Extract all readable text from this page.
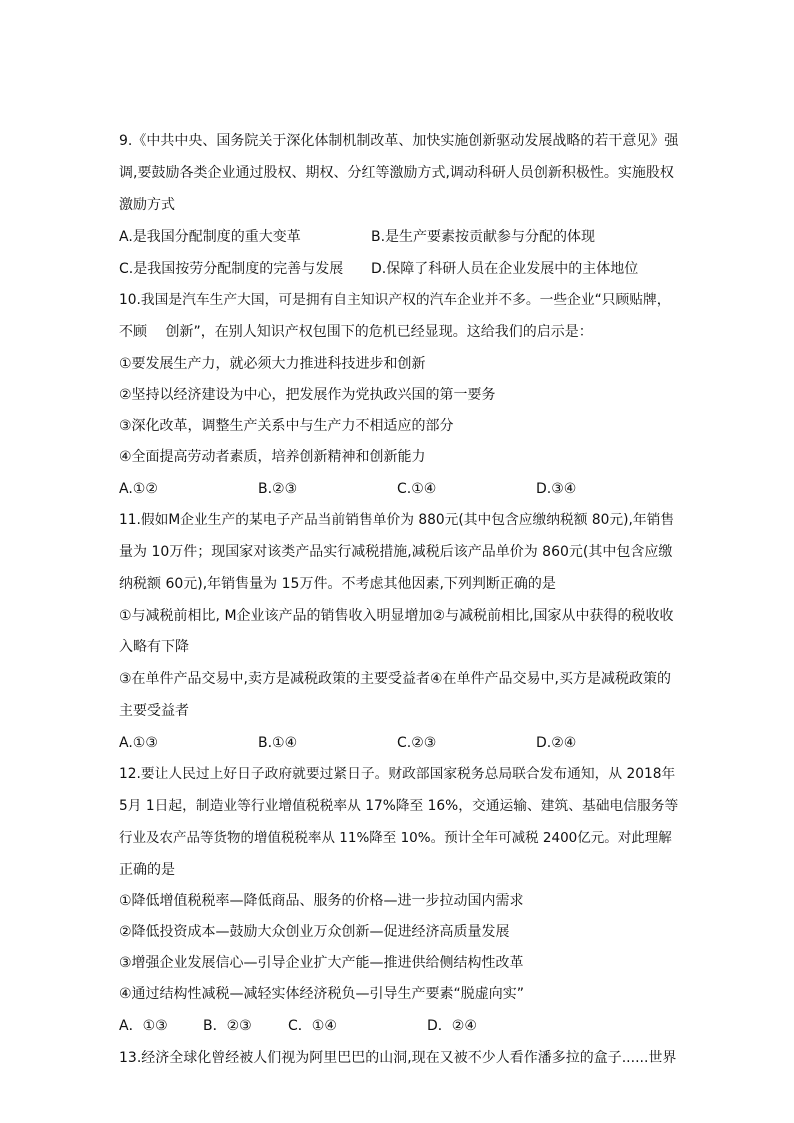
9.《中共中央、国务院关于深化体制机制改革、加快实施创新驱动发展战略的若干意见》强
调,要鼓励各类企业通过股权、期权、分红等激励方式,调动科研人员创新积极性。实施股权
激励方式
A.是我国分配制度的重大变革	B.是生产要素按贡献参与分配的体现
C.是我国按劳分配制度的完善与发展 D.保障了科研人员在企业发展中的主体地位
10.我国是汽车生产大国，可是拥有自主知识产权的汽车企业并不多。一些企业“只顾贴牌，
不顾　 创新”，在别人知识产权包围下的危机已经显现。这给我们的启示是：
①要发展生产力，就必须大力推进科技进步和创新
②坚持以经济建设为中心，把发展作为党执政兴国的第一要务
③深化改革，调整生产关系中与生产力不相适应的部分
④全面提高劳动者素质，培养创新精神和创新能力
A.①②	B.②③	C.①④	D.③④
11.假如M企业生产的某电子产品当前销售单价为 880元(其中包含应缴纳税额 80元),年销售
量为 10万件；现国家对该类产品实行减税措施,减税后该产品单价为 860元(其中包含应缴
纳税额 60元),年销售量为 15万件。不考虑其他因素,下列判断正确的是
①与减税前相比, M企业该产品的销售收入明显增加②与减税前相比,国家从中获得的税收收
入略有下降
③在单件产品交易中,卖方是减税政策的主要受益者④在单件产品交易中,买方是减税政策的
主要受益者
A.①③	B.①④	C.②③	D.②④
12.要让人民过上好日子政府就要过紧日子。财政部国家税务总局联合发布通知，从 2018年
5月 1日起，制造业等行业增值税税率从 17%降至 16%，交通运输、建筑、基础电信服务等
行业及农产品等货物的增值税税率从 11%降至 10%。预计全年可减税 2400亿元。对此理解
正确的是
①降低增值税税率—降低商品、服务的价格—进一步拉动国内需求
②降低投资成本—鼓励大众创业万众创新—促进经济高质量发展
③增强企业发展信心—引导企业扩大产能—推进供给侧结构性改革
④通过结构性减税—减轻实体经济税负—引导生产要素“脱虚向实”
A．①③	B．②③	C．①④	D．②④
13.经济全球化曾经被人们视为阿里巴巴的山洞,现在又被不少人看作潘多拉的盒子......世界
